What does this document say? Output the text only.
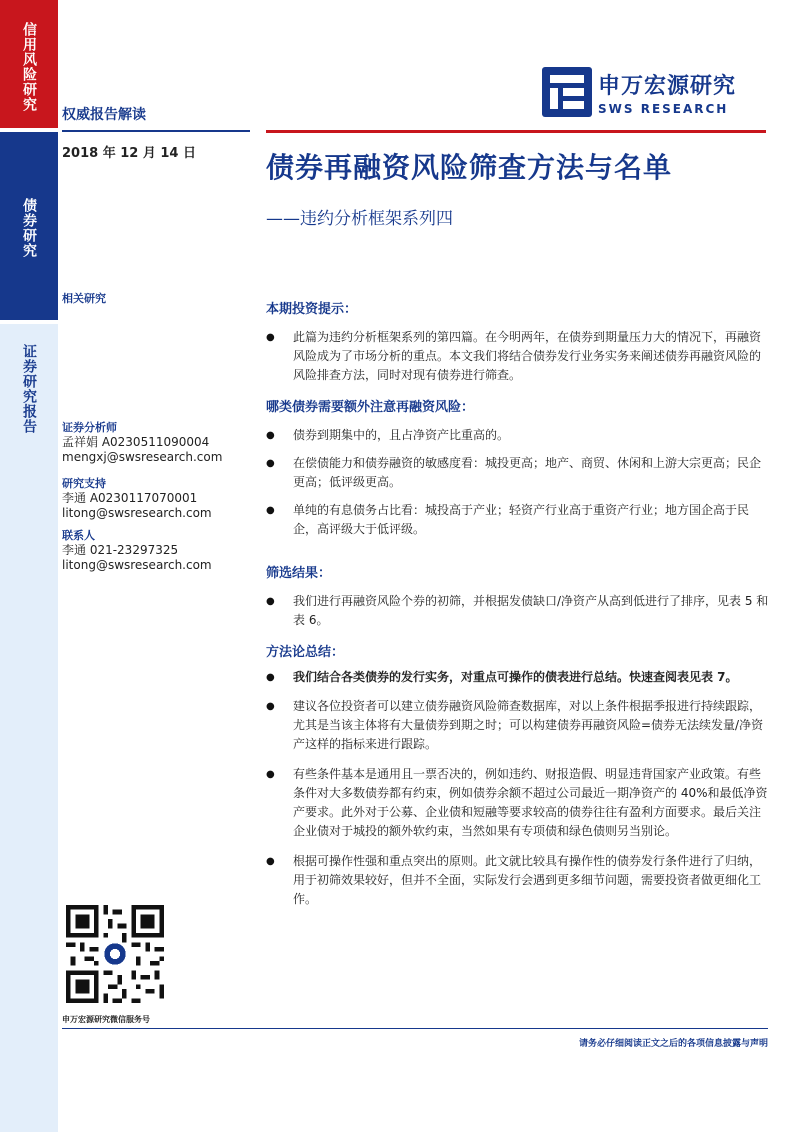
信用风险研究
债券研究
证券研究报告
权威报告解读
2018 年 12 月 14 日
相关研究
证券分析师
孟祥娟 A0230511090004
mengxj@swsresearch.com
研究支持
李通 A0230117070001
litong@swsresearch.com
联系人
李通 021-23297325
litong@swsresearch.com
申万宏源研究
SWS RESEARCH
债券再融资风险筛查方法与名单
——违约分析框架系列四
本期投资提示：
● 此篇为违约分析框架系列的第四篇。在今明两年，在债券到期量压力大的情况下，再融资风险成为了市场分析的重点。本文我们将结合债券发行业务实务来阐述债券再融资风险的风险排查方法，同时对现有债券进行筛查。
哪类债券需要额外注意再融资风险：
● 债券到期集中的，且占净资产比重高的。
● 在偿债能力和债券融资的敏感度看：城投更高；地产、商贸、休闲和上游大宗更高；民企更高；低评级更高。
● 单纯的有息债务占比看：城投高于产业；轻资产行业高于重资产行业；地方国企高于民企，高评级大于低评级。
筛选结果：
● 我们进行再融资风险个券的初筛，并根据发债缺口/净资产从高到低进行了排序，见表 5 和表 6。
方法论总结：
● 我们结合各类债券的发行实务，对重点可操作的债表进行总结。快速查阅表见表 7。
● 建议各位投资者可以建立债券融资风险筛查数据库，对以上条件根据季报进行持续跟踪，尤其是当该主体将有大量债券到期之时；可以构建债券再融资风险=债券无法续发量/净资产这样的指标来进行跟踪。
● 有些条件基本是通用且一票否决的，例如违约、财报造假、明显违背国家产业政策。有些条件对大多数债券都有约束，例如债券余额不超过公司最近一期净资产的 40%和最低净资产要求。此外对于公募、企业债和短融等要求较高的债券往往有盈利方面要求。最后关注企业债对于城投的额外软约束，当然如果有专项债和绿色债则另当别论。
● 根据可操作性强和重点突出的原则。此文就比较具有操作性的债券发行条件进行了归纳，用于初筛效果较好，但并不全面，实际发行会遇到更多细节问题，需要投资者做更细化工作。
申万宏源研究微信服务号
请务必仔细阅读正文之后的各项信息披露与声明
